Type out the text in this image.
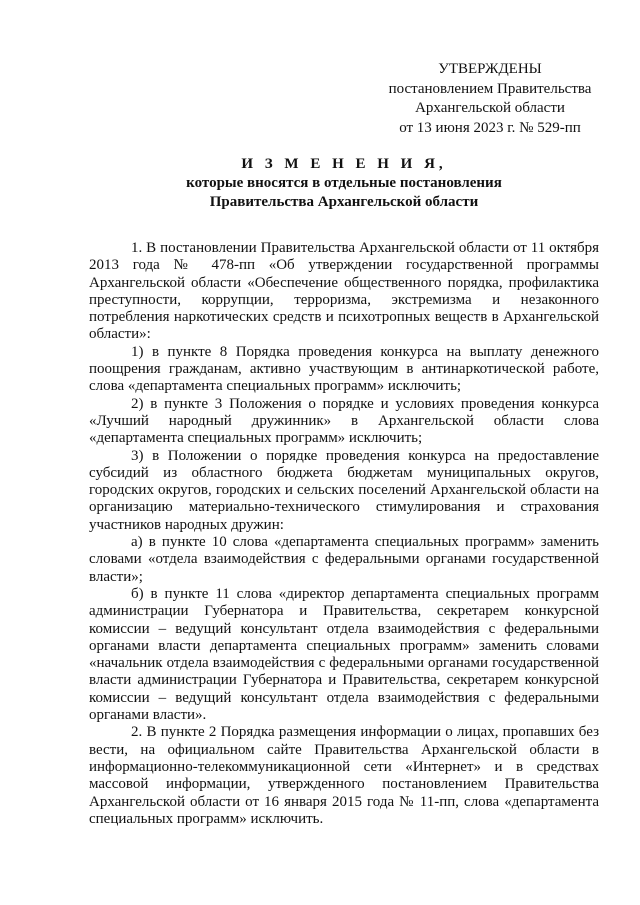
УТВЕРЖДЕНЫ
постановлением Правительства
Архангельской области
от 13 июня 2023 г. № 529-пп
И З М Е Н Е Н И Я,
которые вносятся в отдельные постановления
Правительства Архангельской области

1. В постановлении Правительства Архангельской области от 11 октября 2013 года № 478-пп «Об утверждении государственной программы Архангельской области «Обеспечение общественного порядка, профилактика преступности, коррупции, терроризма, экстремизма и незаконного потребления наркотических средств и психотропных веществ в Архангельской области»:

1) в пункте 8 Порядка проведения конкурса на выплату денежного поощрения гражданам, активно участвующим в антинаркотической работе, слова «департамента специальных программ» исключить;

2) в пункте 3 Положения о порядке и условиях проведения конкурса «Лучший народный дружинник» в Архангельской области слова «департамента специальных программ» исключить;

3) в Положении о порядке проведения конкурса на предоставление субсидий из областного бюджета бюджетам муниципальных округов, городских округов, городских и сельских поселений Архангельской области на организацию материально-технического стимулирования и страхования участников народных дружин:

а) в пункте 10 слова «департамента специальных программ» заменить словами «отдела взаимодействия с федеральными органами государственной власти»;

б) в пункте 11 слова «директор департамента специальных программ администрации Губернатора и Правительства, секретарем конкурсной комиссии – ведущий консультант отдела взаимодействия с федеральными органами власти департамента специальных программ» заменить словами «начальник отдела взаимодействия с федеральными органами государственной власти администрации Губернатора и Правительства, секретарем конкурсной комиссии – ведущий консультант отдела взаимодействия с федеральными органами власти».

2. В пункте 2 Порядка размещения информации о лицах, пропавших без вести, на официальном сайте Правительства Архангельской области в информационно-телекоммуникационной сети «Интернет» и в средствах массовой информации, утвержденного постановлением Правительства Архангельской области от 16 января 2015 года № 11-пп, слова «департамента специальных программ» исключить.
